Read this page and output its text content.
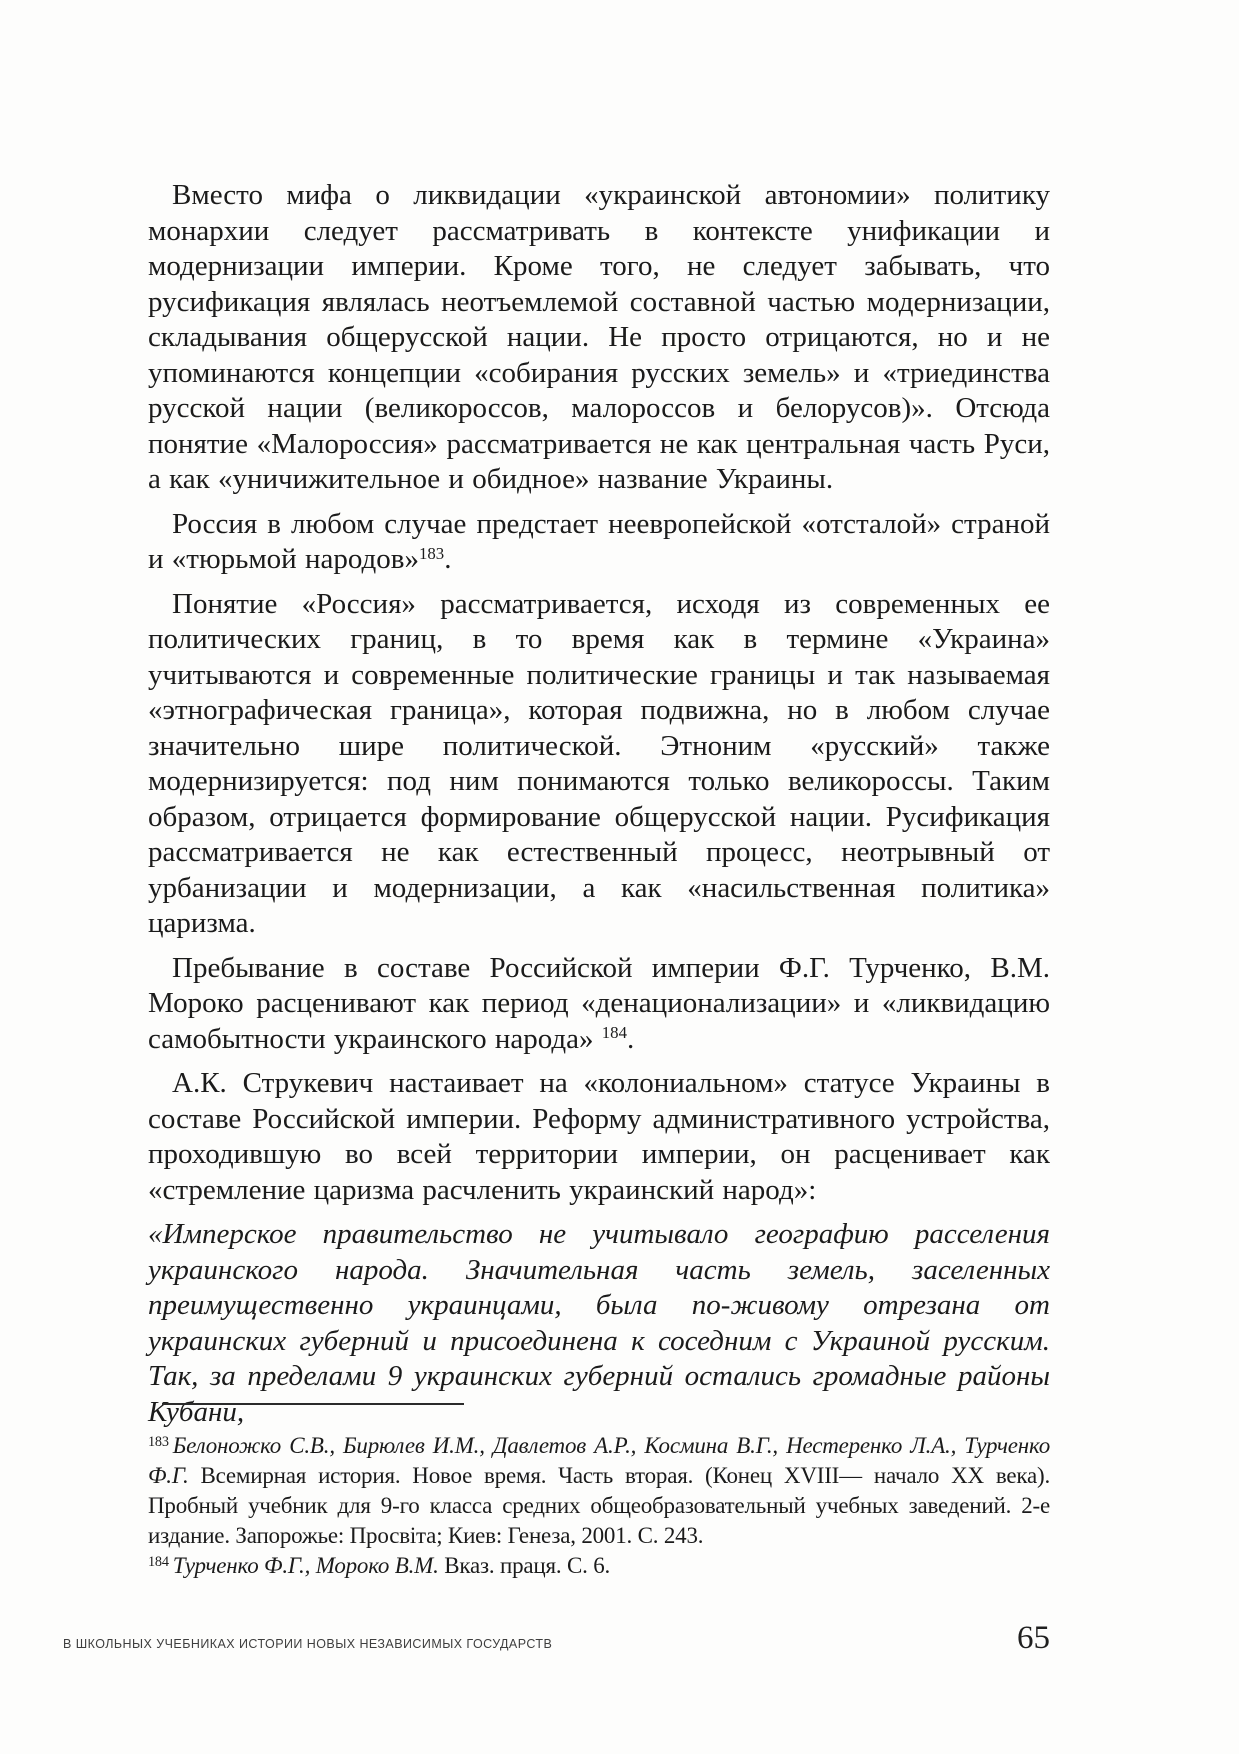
Вместо мифа о ликвидации «украинской автономии» политику монархии следует рассматривать в контексте унификации и модернизации империи. Кроме того, не следует забывать, что русификация являлась неотъемлемой составной частью модернизации, складывания общерусской нации. Не просто отрицаются, но и не упоминаются концепции «собирания русских земель» и «триединства русской нации (великороссов, малороссов и белорусов)». Отсюда понятие «Малороссия» рассматривается не как центральная часть Руси, а как «уничижительное и обидное» название Украины.

Россия в любом случае предстает неевропейской «отсталой» страной и «тюрьмой народов»$^{183}$.

Понятие «Россия» рассматривается, исходя из современных ее политических границ, в то время как в термине «Украина» учитываются и современные политические границы и так называемая «этнографическая граница», которая подвижна, но в любом случае значительно шире политической. Этноним «русский» также модернизируется: под ним понимаются только великороссы. Таким образом, отрицается формирование общерусской нации. Русификация рассматривается не как естественный процесс, неотрывный от урбанизации и модернизации, а как «насильственная политика» царизма.

Пребывание в составе Российской империи Ф.Г. Турченко, В.М. Мороко расценивают как период «денационализации» и «ликвидацию самобытности украинского народа» $^{184}$.

А.К. Струкевич настаивает на «колониальном» статусе Украины в составе Российской империи. Реформу административного устройства, проходившую во всей территории империи, он расценивает как «стремление царизма расчленить украинский народ»:

«Имперское правительство не учитывало географию расселения украинского народа. Значительная часть земель, заселенных преимущественно украинцами, была по-живому отрезана от украинских губерний и присоединена к соседним с Украиной русским. Так, за пределами 9 украинских губерний остались громадные районы Кубани,

$^{183}$ Белоножко С.В., Бирюлев И.М., Давлетов А.Р., Космина В.Г., Нестеренко Л.А., Турченко Ф.Г. Всемирная история. Новое время. Часть вторая. (Конец XVIII— начало XX века). Пробный учебник для 9-го класса средних общеобразовательный учебных заведений. 2-е издание. Запорожье: Просвіта; Киев: Генеза, 2001. С. 243.

$^{184}$ Турченко Ф.Г., Мороко В.М. Вказ. праця. С. 6.

В ШКОЛЬНЫХ УЧЕБНИКАХ ИСТОРИИ НОВЫХ НЕЗАВИСИМЫХ ГОСУДАРСТВ	65
